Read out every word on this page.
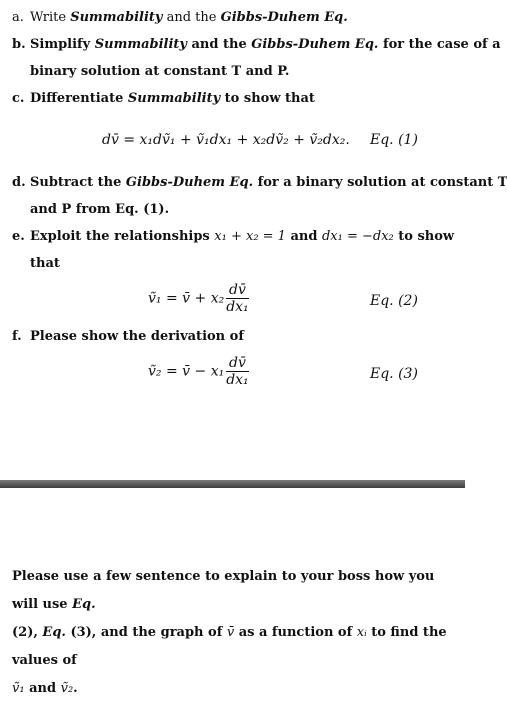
a. Write Summability and the Gibbs-Duhem Eq.
b. Simplify Summability and the Gibbs-Duhem Eq. for the case of a
binary solution at constant T and P.
c. Differentiate Summability to show that
dv̄ = x₁dṽ₁ + ṽ₁dx₁ + x₂dṽ₂ + ṽ₂dx₂. Eq. (1)
d. Subtract the Gibbs-Duhem Eq. for a binary solution at constant T
and P from Eq. (1).
e. Exploit the relationships x₁ + x₂ = 1 and dx₁ = −dx₂ to show
that
ṽ₁ = v̄ + $x_2 \frac{dv̄}{\text{dx₁}}$	Eq. (2)
f. Please show the derivation of
ṽ₂ = v̄ − $x_1 \frac{dv̄}{\text{dx₁}}$	Eq. (3)
Please use a few sentence to explain to your boss how you will use Eq.
(2), Eq. (3), and the graph of v̄ as a function of xᵢ to find the values of
ṽ₁ and ṽ₂.
